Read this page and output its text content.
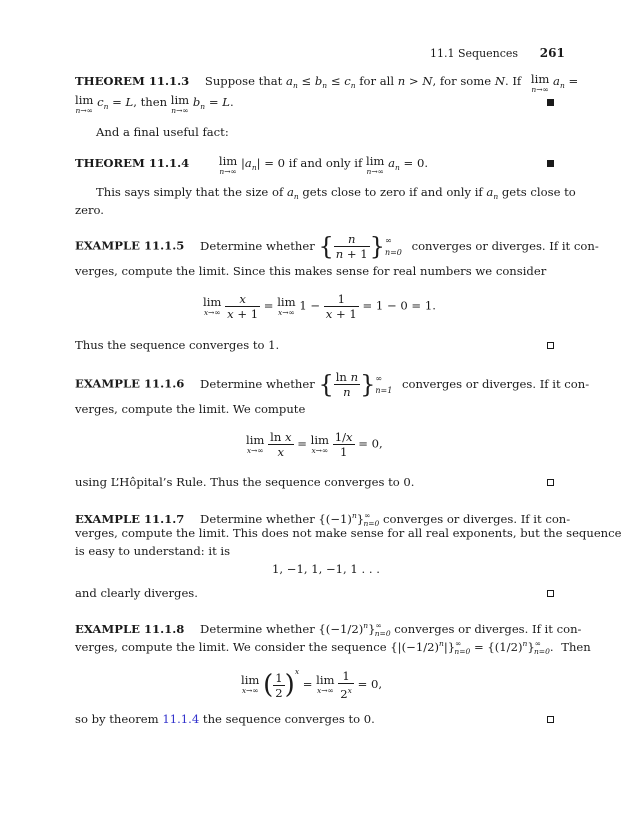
11.1 Sequences 261
THEOREM 11.1.3 Suppose that $a_n \le b_n \le c_n$ for all n > N, for some N. If lim
n→∞
$a_n$ =
lim
n→∞
$c_n = L$, then lim
n→∞
$b_n = L$.
And a final useful fact:
THEOREM 11.1.4	lim
n→∞
$|a_n| = 0$ if and only if lim
n→∞
$a_n = 0$.
This says simply that the size of $a_n$ gets close to zero if and only if $a_n$ gets close to
zero.
EXAMPLE 11.1.5 Determine whether { $\frac{n}{n + 1}$ } ∞
n=0 converges or diverges. If it con-
verges, compute the limit. Since this makes sense for real numbers we consider
lim
x→∞
$\frac{x}{x + 1} = \lim$
x→∞ $1 - \frac{1}{x + 1} = 1 - 0 = 1$.
Thus the sequence converges to 1.
EXAMPLE 11.1.6 Determine whether { $\frac{\text{ln n}}{n}$ } ∞
n=1 converges or diverges. If it con-
verges, compute the limit. We compute
lim
x→∞
$\frac{\text{ln x}}{x} = \lim$
x→∞
$\frac{1/x}{1} = 0$,
using L’Hôpital’s Rule. Thus the sequence converges to 0.
EXAMPLE 11.1.7 Determine whether $\{(-1)^n\}^\infty_{n=0}$ converges or diverges. If it con-
verges, compute the limit. This does not make sense for all real exponents, but the sequence
is easy to understand: it is
1, −1, 1, −1, 1 . . .
and clearly diverges.
EXAMPLE 11.1.8 Determine whether $\{(-1/2)^n\}^\infty_{n=0}$ converges or diverges. If it con-
verges, compute the limit. We consider the sequence $\{|(-1/2)^n|\}^\infty_{n=0} = \{(1/2)^n\}^\infty_{n=0}$. Then
lim
x→∞ ( $\frac{1}{2} )^x = \lim$
x→∞
$\frac{1}{2^x} = 0$,
so by theorem 11.1.4 the sequence converges to 0.
